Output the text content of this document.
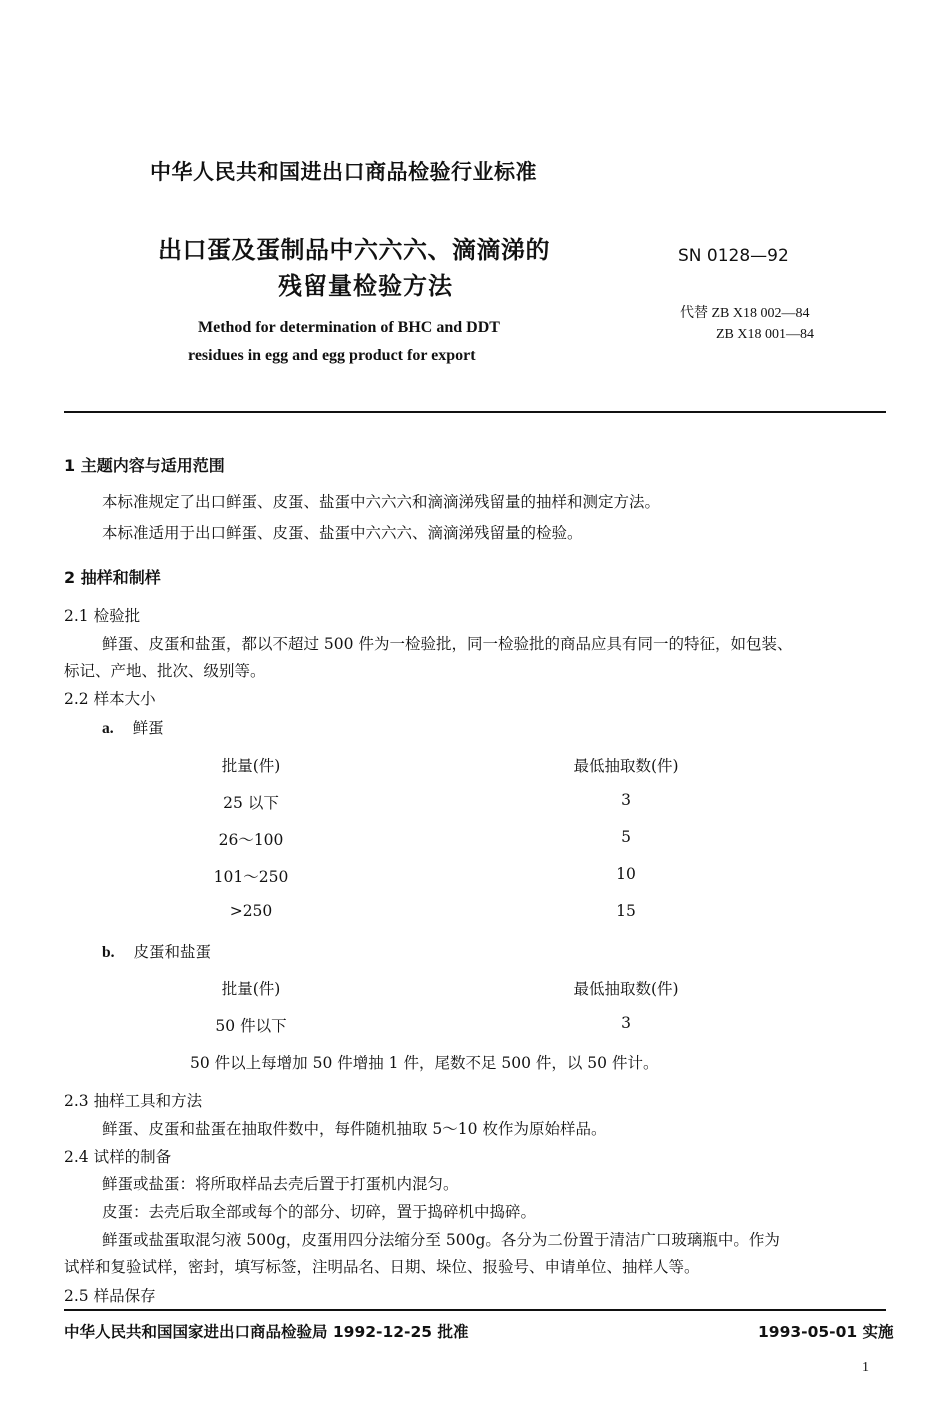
中华人民共和国进出口商品检验行业标准
出口蛋及蛋制品中六六六、滴滴涕的
残留量检验方法
SN 0128—92
代替 ZB X18 002—84
ZB X18 001—84
Method for determination of BHC and DDT
residues in egg and egg product for export
1 主题内容与适用范围
本标准规定了出口鲜蛋、皮蛋、盐蛋中六六六和滴滴涕残留量的抽样和测定方法。
本标准适用于出口鲜蛋、皮蛋、盐蛋中六六六、滴滴涕残留量的检验。
2 抽样和制样
2.1 检验批
鲜蛋、皮蛋和盐蛋，都以不超过 500 件为一检验批，同一检验批的商品应具有同一的特征，如包装、
标记、产地、批次、级别等。
2.2 样本大小
a. 鲜蛋
批量(件)	最低抽取数(件)
25 以下	3
26～100	5
101～250	10
>250	15
b. 皮蛋和盐蛋
批量(件)	最低抽取数(件)
50 件以下	3
50 件以上每增加 50 件增抽 1 件，尾数不足 500 件，以 50 件计。
2.3 抽样工具和方法
鲜蛋、皮蛋和盐蛋在抽取件数中，每件随机抽取 5～10 枚作为原始样品。
2.4 试样的制备
鲜蛋或盐蛋：将所取样品去壳后置于打蛋机内混匀。
皮蛋：去壳后取全部或每个的部分、切碎，置于捣碎机中捣碎。
鲜蛋或盐蛋取混匀液 500g，皮蛋用四分法缩分至 500g。各分为二份置于清洁广口玻璃瓶中。作为
试样和复验试样，密封，填写标签，注明品名、日期、垛位、报验号、申请单位、抽样人等。
2.5 样品保存
中华人民共和国国家进出口商品检验局 1992-12-25 批准	1993-05-01 实施
1
